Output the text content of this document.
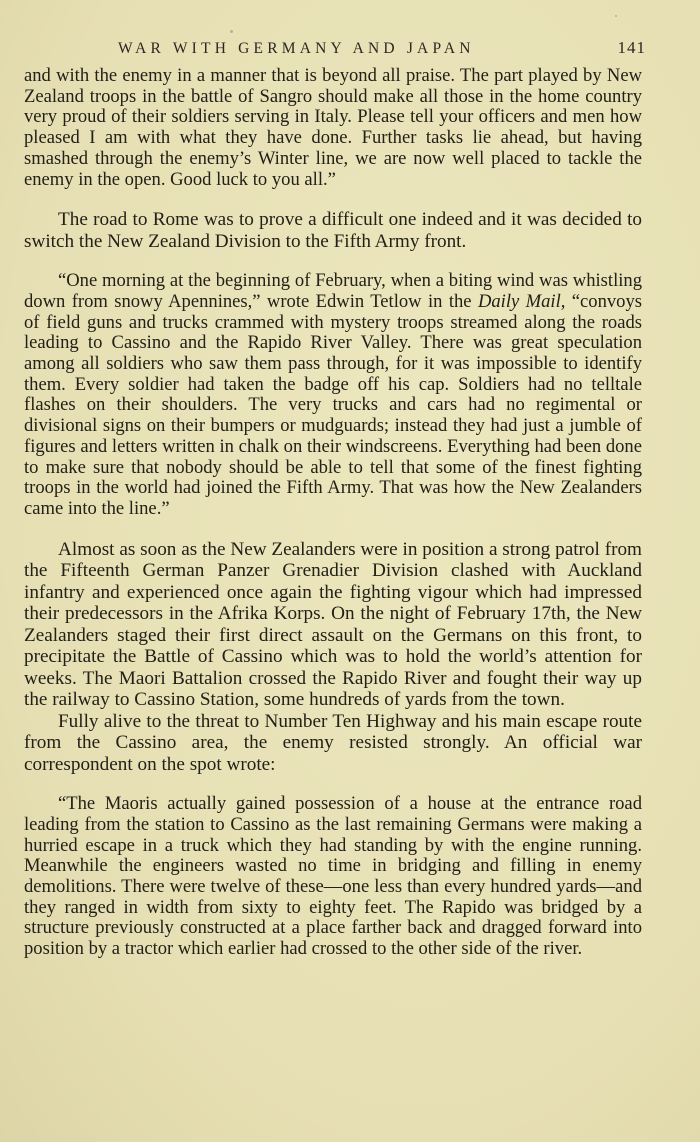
WAR WITH GERMANY AND JAPAN	141

and with the enemy in a manner that is beyond all praise. The part played by New Zealand troops in the battle of Sangro should make all those in the home country very proud of their soldiers serving in Italy. Please tell your officers and men how pleased I am with what they have done. Further tasks lie ahead, but having smashed through the enemy’s Winter line, we are now well placed to tackle the enemy in the open. Good luck to you all.”

The road to Rome was to prove a difficult one indeed and it was decided to switch the New Zealand Division to the Fifth Army front.

“One morning at the beginning of February, when a biting wind was whistling down from snowy Apennines,” wrote Edwin Tetlow in the Daily Mail, “convoys of field guns and trucks crammed with mystery troops streamed along the roads leading to Cassino and the Rapido River Valley. There was great speculation among all soldiers who saw them pass through, for it was impossible to identify them. Every soldier had taken the badge off his cap. Soldiers had no telltale flashes on their shoulders. The very trucks and cars had no regimental or divisional signs on their bumpers or mudguards; instead they had just a jumble of figures and letters written in chalk on their windscreens. Everything had been done to make sure that nobody should be able to tell that some of the finest fighting troops in the world had joined the Fifth Army. That was how the New Zealanders came into the line.”

Almost as soon as the New Zealanders were in position a strong patrol from the Fifteenth German Panzer Grenadier Division clashed with Auckland infantry and experienced once again the fighting vigour which had impressed their predecessors in the Afrika Korps. On the night of February 17th, the New Zealanders staged their first direct assault on the Germans on this front, to precipitate the Battle of Cassino which was to hold the world’s attention for weeks. The Maori Battalion crossed the Rapido River and fought their way up the railway to Cassino Station, some hundreds of yards from the town.

Fully alive to the threat to Number Ten Highway and his main escape route from the Cassino area, the enemy resisted strongly. An official war correspondent on the spot wrote:

“The Maoris actually gained possession of a house at the entrance road leading from the station to Cassino as the last remaining Germans were making a hurried escape in a truck which they had standing by with the engine running. Meanwhile the engineers wasted no time in bridging and filling in enemy demolitions. There were twelve of these—one less than every hundred yards—and they ranged in width from sixty to eighty feet. The Rapido was bridged by a structure previously constructed at a place farther back and dragged forward into position by a tractor which earlier had crossed to the other side of the river.
